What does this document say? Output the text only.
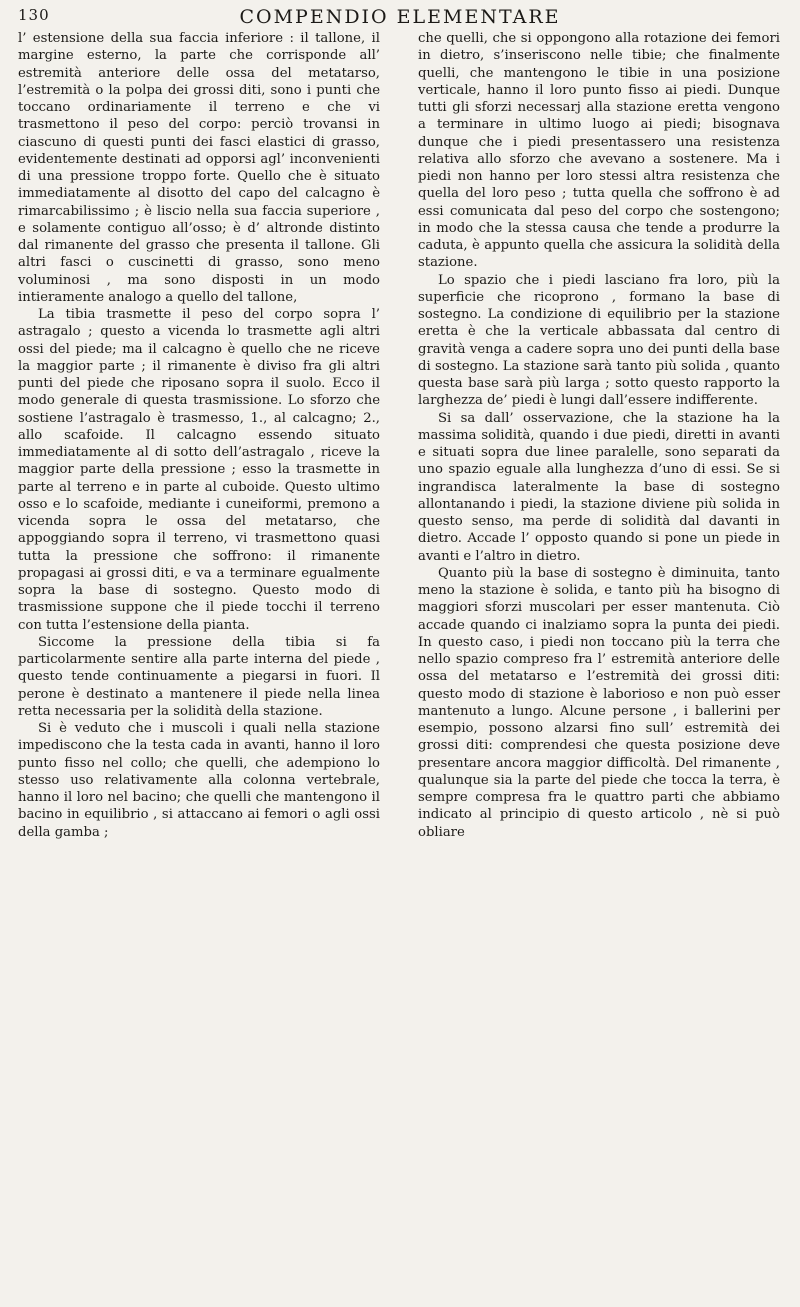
130	COMPENDIO ELEMENTARE

l’ estensione della sua faccia inferiore : il tallone, il margine esterno, la parte che corrisponde all’ estremità anteriore delle ossa del metatarso, l’estremità o la polpa dei grossi diti, sono i punti che toccano ordinariamente il terreno e che vi trasmettono il peso del corpo: perciò trovansi in ciascuno di questi punti dei fasci elastici di grasso, evidentemente destinati ad opporsi agl’ inconvenienti di una pressione troppo forte. Quello che è situato immediatamente al disotto del capo del calcagno è rimarcabilissimo ; è liscio nella sua faccia superiore , e solamente contiguo all’osso; è d’ altronde distinto dal rimanente del grasso che presenta il tallone. Gli altri fasci o cuscinetti di grasso, sono meno voluminosi , ma sono disposti in un modo intieramente analogo a quello del tallone,

La tibia trasmette il peso del corpo sopra l’ astragalo ; questo a vicenda lo trasmette agli altri ossi del piede; ma il calcagno è quello che ne riceve la maggior parte ; il rimanente è diviso fra gli altri punti del piede che riposano sopra il suolo. Ecco il modo generale di questa trasmissione. Lo sforzo che sostiene l’astragalo è trasmesso, 1., al calcagno; 2., allo scafoide. Il calcagno essendo situato immediatamente al di sotto dell’astragalo , riceve la maggior parte della pressione ; esso la trasmette in parte al terreno e in parte al cuboide. Questo ultimo osso e lo scafoide, mediante i cuneiformi, premono a vicenda sopra le ossa del metatarso, che appoggiando sopra il terreno, vi trasmettono quasi tutta la pressione che soffrono: il rimanente propagasi ai grossi diti, e va a terminare egualmente sopra la base di sostegno. Questo modo di trasmissione suppone che il piede tocchi il terreno con tutta l’estensione della pianta.

Siccome la pressione della tibia si fa particolarmente sentire alla parte interna del piede , questo tende continuamente a piegarsi in fuori. Il perone è destinato a mantenere il piede nella linea retta necessaria per la solidità della stazione.

Si è veduto che i muscoli i quali nella stazione impediscono che la testa cada in avanti, hanno il loro punto fisso nel collo; che quelli, che adempiono lo stesso uso relativamente alla colonna vertebrale, hanno il loro nel bacino; che quelli che mantengono il bacino in equilibrio , si attaccano ai femori o agli ossi della gamba ;

che quelli, che si oppongono alla rotazione dei femori in dietro, s’inseriscono nelle tibie; che finalmente quelli, che mantengono le tibie in una posizione verticale, hanno il loro punto fisso ai piedi. Dunque tutti gli sforzi necessarj alla stazione eretta vengono a terminare in ultimo luogo ai piedi; bisognava dunque che i piedi presentassero una resistenza relativa allo sforzo che avevano a sostenere. Ma i piedi non hanno per loro stessi altra resistenza che quella del loro peso ; tutta quella che soffrono è ad essi comunicata dal peso del corpo che sostengono; in modo che la stessa causa che tende a produrre la caduta, è appunto quella che assicura la solidità della stazione.

Lo spazio che i piedi lasciano fra loro, più la superficie che ricoprono , formano la base di sostegno. La condizione di equilibrio per la stazione eretta è che la verticale abbassata dal centro di gravità venga a cadere sopra uno dei punti della base di sostegno. La stazione sarà tanto più solida , quanto questa base sarà più larga ; sotto questo rapporto la larghezza de’ piedi è lungi dall’essere indifferente.

Si sa dall’ osservazione, che la stazione ha la massima solidità, quando i due piedi, diretti in avanti e situati sopra due linee paralelle, sono separati da uno spazio eguale alla lunghezza d’uno di essi. Se si ingrandisca lateralmente la base di sostegno allontanando i piedi, la stazione diviene più solida in questo senso, ma perde di solidità dal davanti in dietro. Accade l’ opposto quando si pone un piede in avanti e l’altro in dietro.

Quanto più la base di sostegno è diminuita, tanto meno la stazione è solida, e tanto più ha bisogno di maggiori sforzi muscolari per esser mantenuta. Ciò accade quando ci inalziamo sopra la punta dei piedi. In questo caso, i piedi non toccano più la terra che nello spazio compreso fra l’ estremità anteriore delle ossa del metatarso e l’estremità dei grossi diti: questo modo di stazione è laborioso e non può esser mantenuto a lungo. Alcune persone , i ballerini per esempio, possono alzarsi fino sull’ estremità dei grossi diti: comprendesi che questa posizione deve presentare ancora maggior difficoltà. Del rimanente , qualunque sia la parte del piede che tocca la terra, è sempre compresa fra le quattro parti che abbiamo indicato al principio di questo articolo , nè si può obliare
